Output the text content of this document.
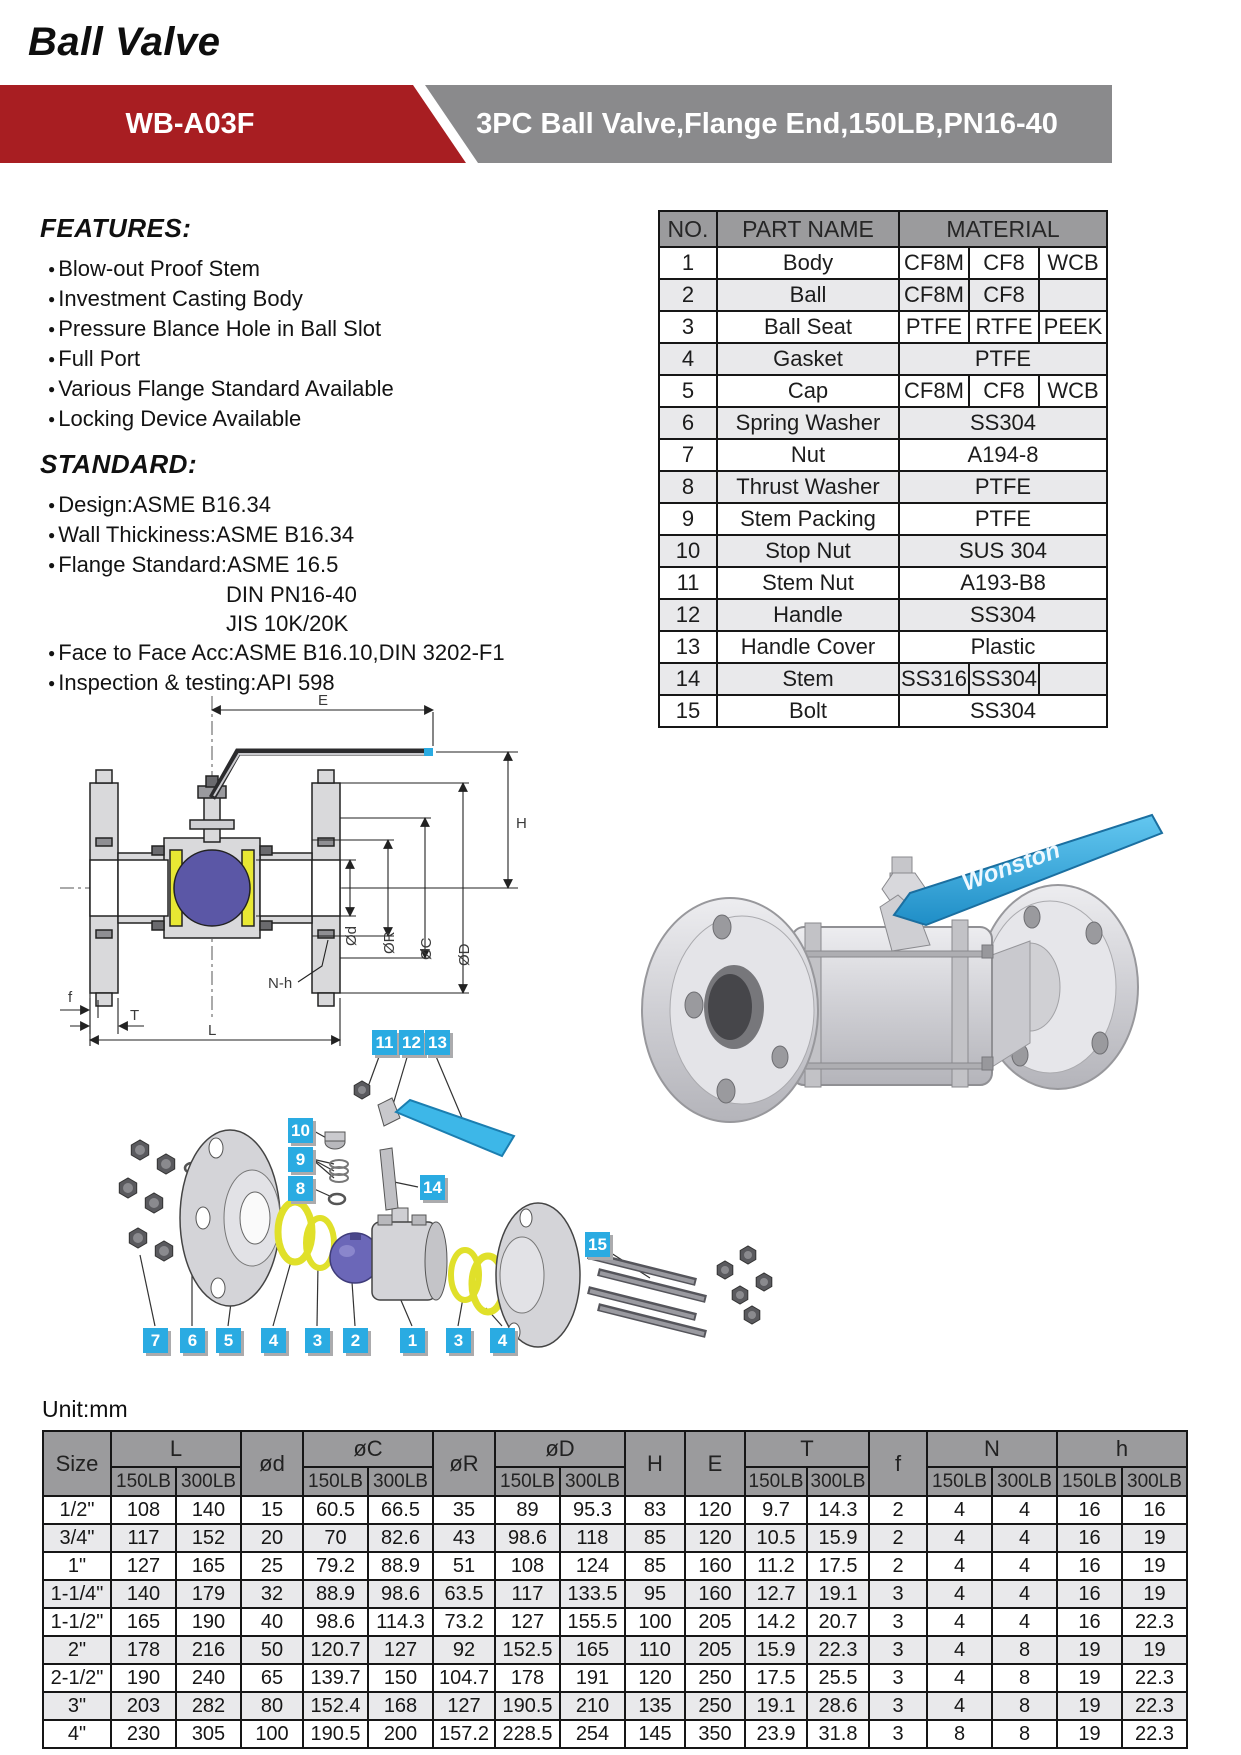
Ball Valve
WB-A03F	3PC Ball Valve,Flange End,150LB,PN16-40
FEATURES:
● Blow-out Proof Stem
● Investment Casting Body
● Pressure Blance Hole in Ball Slot
● Full Port
● Various Flange Standard Available
● Locking Device Available
STANDARD:
● Design:ASME B16.34
● Wall Thickiness:ASME B16.34
● Flange Standard:ASME 16.5
DIN PN16-40
JIS 10K/20K
● Face to Face Acc:ASME B16.10,DIN 3202-F1
● Inspection & testing:API 598
NO.	PART NAME	MATERIAL		
1	Body	CF8M	CF8	WCB
2	Ball	CF8M	CF8	
3	Ball Seat	PTFE	RTFE	PEEK
4	Gasket	PTFE		
5	Cap	CF8M	CF8	WCB
6	Spring Washer	SS304		
7	Nut	A194-8		
8	Thrust Washer	PTFE		
9	Stem Packing	PTFE		
10	Stop Nut	SUS 304		
11	Stem Nut	A193-B8		
12	Handle	SS304		
13	Handle Cover	Plastic		
14	Stem	SS316	SS304	
15	Bolt	SS304		
E
H
Ød ØR ØC ØD
f
T
N-h
L
Wonston
Unit:mm
Size	L		ød	øC		øR	øD		H	E	T		f	N		h	
	150LB	300LB		150LB	300LB		150LB	300LB			150LB	300LB		150LB	300LB	150LB	300LB
1/2"	108	140	15	60.5	66.5	35	89	95.3	83	120	9.7	14.3	2	4	4	16	16
3/4"	117	152	20	70	82.6	43	98.6	118	85	120	10.5	15.9	2	4	4	16	19
1"	127	165	25	79.2	88.9	51	108	124	85	160	11.2	17.5	2	4	4	16	19
1-1/4"	140	179	32	88.9	98.6	63.5	117	133.5	95	160	12.7	19.1	3	4	4	16	19
1-1/2"	165	190	40	98.6	114.3	73.2	127	155.5	100	205	14.2	20.7	3	4	4	16	22.3
2"	178	216	50	120.7	127	92	152.5	165	110	205	15.9	22.3	3	4	8	19	19
2-1/2"	190	240	65	139.7	150	104.7	178	191	120	250	17.5	25.5	3	4	8	19	22.3
3"	203	282	80	152.4	168	127	190.5	210	135	250	19.1	28.6	3	4	8	19	22.3
4"	230	305	100	190.5	200	157.2	228.5	254	145	350	23.9	31.8	3	8	8	19	22.3
11 12 13
10
9
8	14
15
7	6	5	4	3	2	1	3	4
